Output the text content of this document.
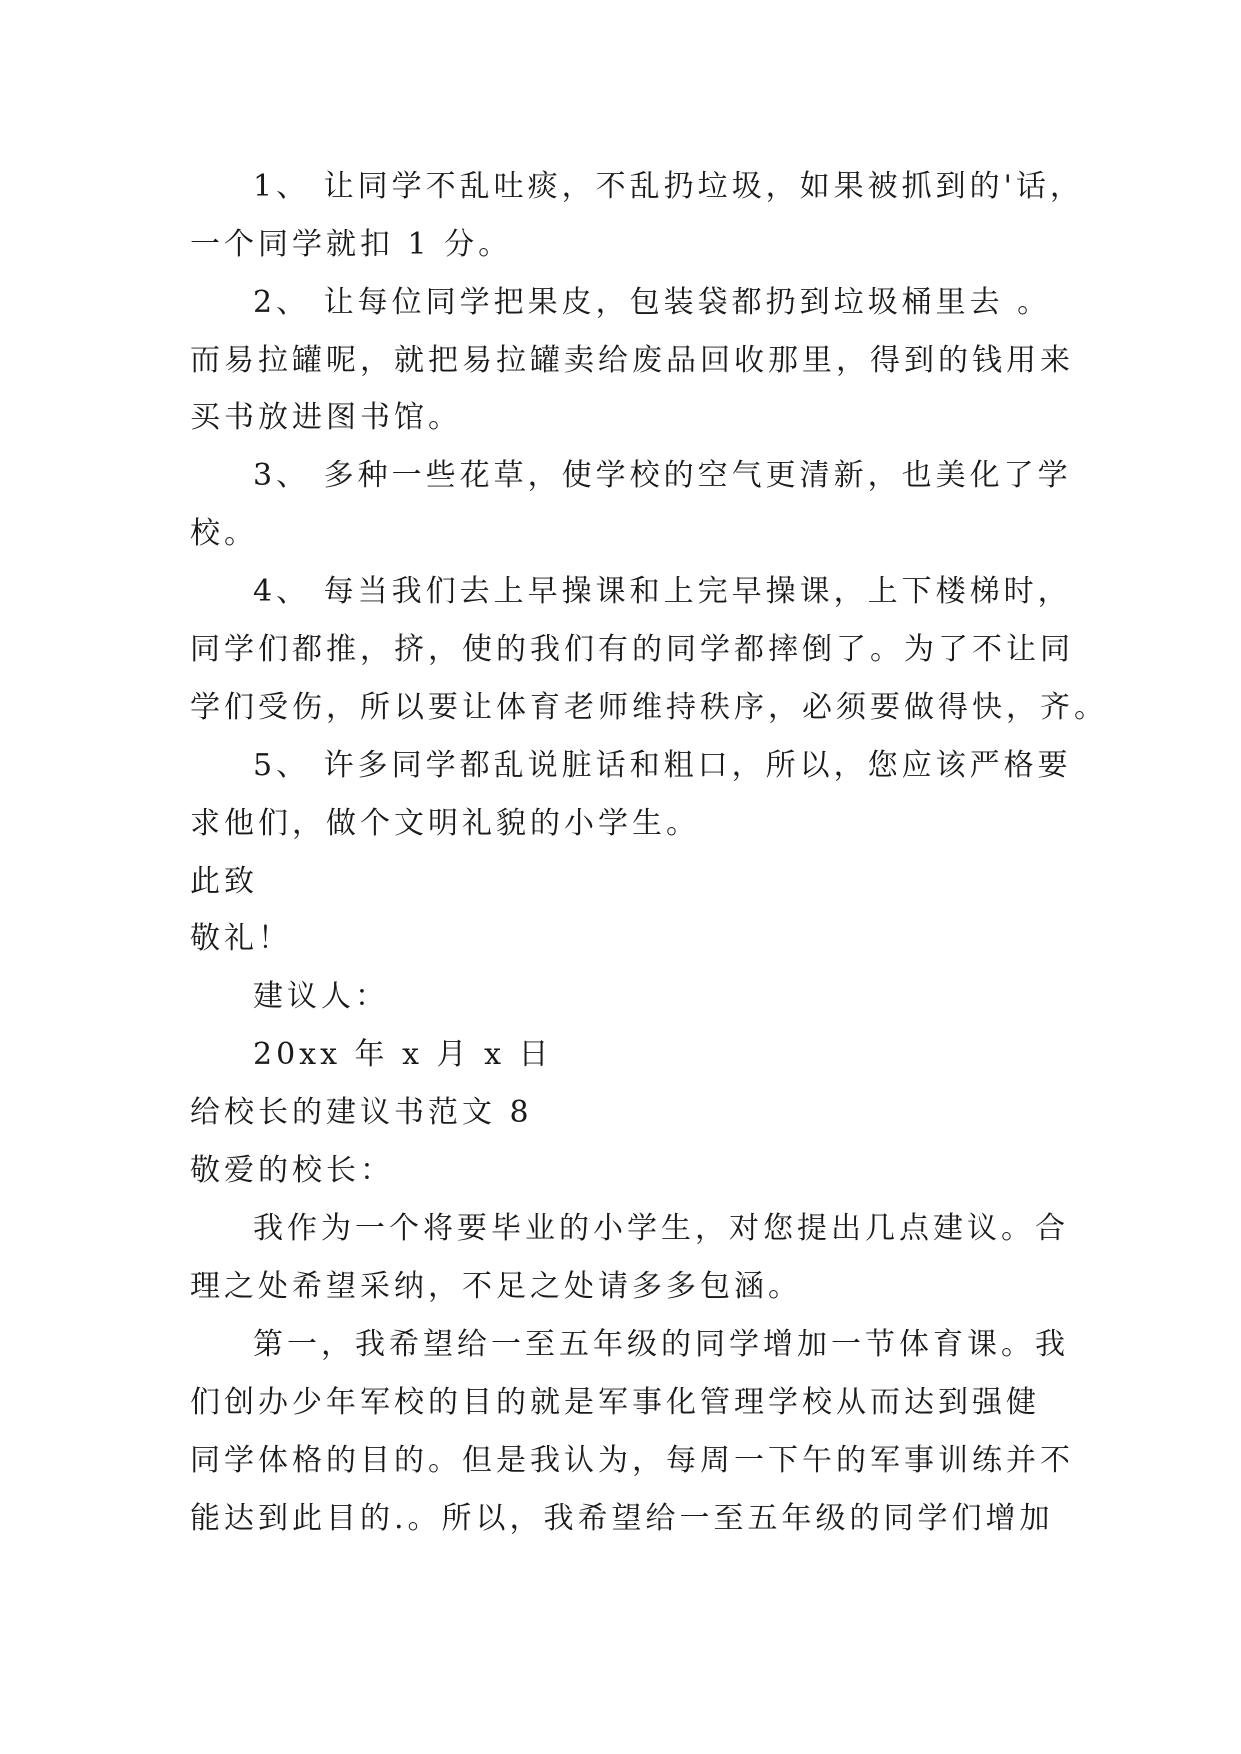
1、 让同学不乱吐痰，不乱扔垃圾，如果被抓到的'话，
一个同学就扣 1 分。
2、 让每位同学把果皮，包装袋都扔到垃圾桶里去 。
而易拉罐呢，就把易拉罐卖给废品回收那里，得到的钱用来
买书放进图书馆。
3、 多种一些花草，使学校的空气更清新，也美化了学
校。
4、 每当我们去上早操课和上完早操课，上下楼梯时，
同学们都推，挤，使的我们有的同学都摔倒了。为了不让同
学们受伤，所以要让体育老师维持秩序，必须要做得快，齐。
5、 许多同学都乱说脏话和粗口，所以，您应该严格要
求他们，做个文明礼貌的小学生。
此致
敬礼！
建议人：
20xx 年 x 月 x 日
给校长的建议书范文 8
敬爱的校长：
我作为一个将要毕业的小学生，对您提出几点建议。合
理之处希望采纳，不足之处请多多包涵。
第一，我希望给一至五年级的同学增加一节体育课。我
们创办少年军校的目的就是军事化管理学校从而达到强健
同学体格的目的。但是我认为，每周一下午的军事训练并不
能达到此目的.。所以，我希望给一至五年级的同学们增加
